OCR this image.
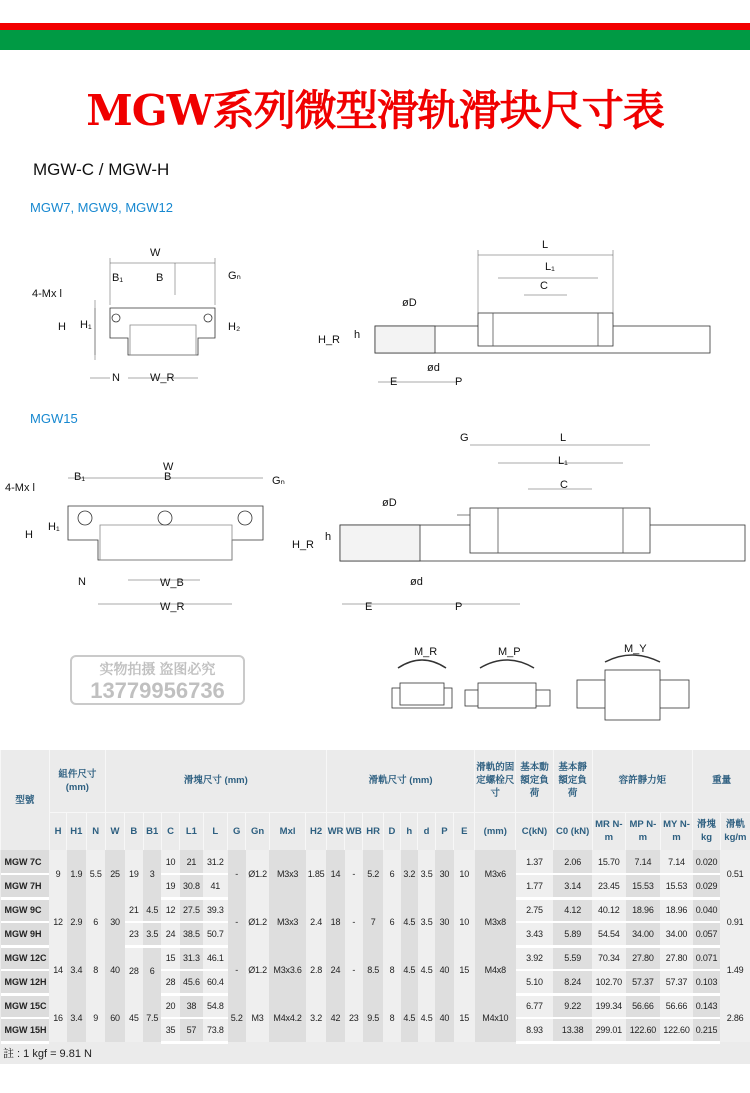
MGW系列微型滑轨滑块尺寸表
MGW-C / MGW-H
MGW7, MGW9, MGW12
MGW15
W
B₁	B	Gₙ
4-Mx l
H H₁	H₂
N	W_R
L
L₁
C
øD
H_R h
ød
E	P
W
B₁	B	Gₙ
4-Mx l
H
H₁
N	W_B
W_R
G	L
L₁
C
øD
H_R
h
ød
E	P
M_R	M_P	M_Y
实物拍摄 盗图必究
13779956736
型號	組件尺寸 (mm)			滑塊尺寸 (mm)										滑軌尺寸 (mm)								滑軌的固定螺栓尺寸	基本動額定負荷	基本靜額定負荷	容許靜力矩			重量	
	H	H1	N	W	B	B1	C	L1	L	G	Gn	Mxl	H2	WR	WB	HR	D	h	d	P	E	(mm)	C(kN)	C0 (kN)	MR N-m	MP N-m	MY N-m	滑塊 kg	滑軌 kg/m
MGW 7C	9	1.9	5.5	25	19	3	10	21	31.2	-	Ø1.2	M3x3	1.85	14	-	5.2	6	3.2	3.5	30	10	M3x6	1.37	2.06	15.70	7.14	7.14	0.020	0.51
MGW 7H							19	30.8	41														1.77	3.14	23.45	15.53	15.53	0.029	
MGW 9C	12	2.9	6	30	21	4.5	12	27.5	39.3	-	Ø1.2	M3x3	2.4	18	-	7	6	4.5	3.5	30	10	M3x8	2.75	4.12	40.12	18.96	18.96	0.040	0.91
MGW 9H					23	3.5	24	38.5	50.7														3.43	5.89	54.54	34.00	34.00	0.057	
MGW 12C	14	3.4	8	40	28	6	15	31.3	46.1	-	Ø1.2	M3x3.6	2.8	24	-	8.5	8	4.5	4.5	40	15	M4x8	3.92	5.59	70.34	27.80	27.80	0.071	1.49
MGW 12H							28	45.6	60.4														5.10	8.24	102.70	57.37	57.37	0.103	
MGW 15C	16	3.4	9	60	45	7.5	20	38	54.8	5.2	M3	M4x4.2	3.2	42	23	9.5	8	4.5	4.5	40	15	M4x10	6.77	9.22	199.34	56.66	56.66	0.143	2.86
MGW 15H							35	57	73.8														8.93	13.38	299.01	122.60	122.60	0.215	
註 : 1 kgf = 9.81 N
